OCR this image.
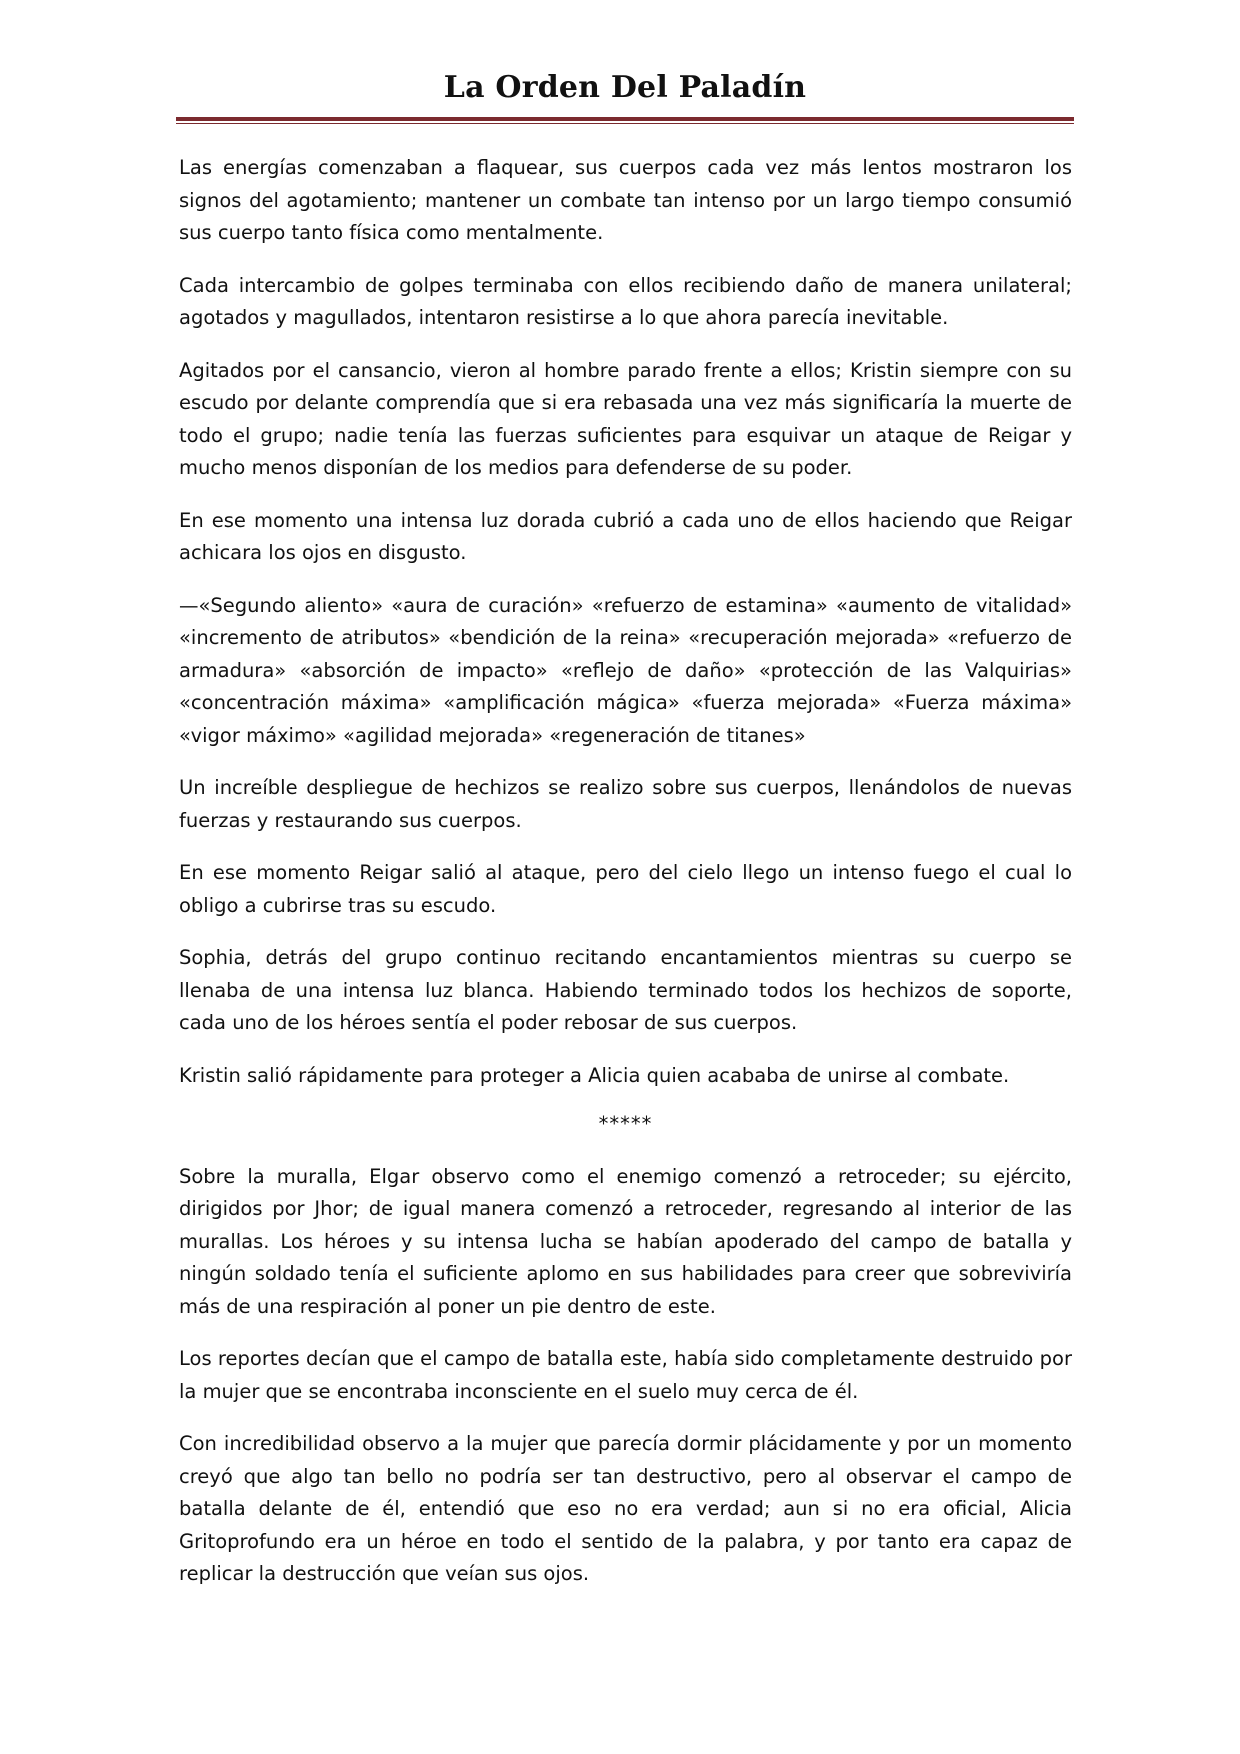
La Orden Del Paladín

Las energías comenzaban a flaquear, sus cuerpos cada vez más lentos mostraron los signos del agotamiento; mantener un combate tan intenso por un largo tiempo consumió sus cuerpo tanto física como mentalmente.

Cada intercambio de golpes terminaba con ellos recibiendo daño de manera unilateral; agotados y magullados, intentaron resistirse a lo que ahora parecía inevitable.

Agitados por el cansancio, vieron al hombre parado frente a ellos; Kristin siempre con su escudo por delante comprendía que si era rebasada una vez más significaría la muerte de todo el grupo; nadie tenía las fuerzas suficientes para esquivar un ataque de Reigar y mucho menos disponían de los medios para defenderse de su poder.

En ese momento una intensa luz dorada cubrió a cada uno de ellos haciendo que Reigar achicara los ojos en disgusto.

—«Segundo aliento» «aura de curación» «refuerzo de estamina» «aumento de vitalidad» «incremento de atributos» «bendición de la reina» «recuperación mejorada» «refuerzo de armadura» «absorción de impacto» «reflejo de daño» «protección de las Valquirias» «concentración máxima» «amplificación mágica» «fuerza mejorada» «Fuerza máxima» «vigor máximo» «agilidad mejorada» «regeneración de titanes»

Un increíble despliegue de hechizos se realizo sobre sus cuerpos, llenándolos de nuevas fuerzas y restaurando sus cuerpos.

En ese momento Reigar salió al ataque, pero del cielo llego un intenso fuego el cual lo obligo a cubrirse tras su escudo.

Sophia, detrás del grupo continuo recitando encantamientos mientras su cuerpo se llenaba de una intensa luz blanca. Habiendo terminado todos los hechizos de soporte, cada uno de los héroes sentía el poder rebosar de sus cuerpos.

Kristin salió rápidamente para proteger a Alicia quien acababa de unirse al combate.

*****

Sobre la muralla, Elgar observo como el enemigo comenzó a retroceder; su ejército, dirigidos por Jhor; de igual manera comenzó a retroceder, regresando al interior de las murallas. Los héroes y su intensa lucha se habían apoderado del campo de batalla y ningún soldado tenía el suficiente aplomo en sus habilidades para creer que sobreviviría más de una respiración al poner un pie dentro de este.

Los reportes decían que el campo de batalla este, había sido completamente destruido por la mujer que se encontraba inconsciente en el suelo muy cerca de él.

Con incredibilidad observo a la mujer que parecía dormir plácidamente y por un momento creyó que algo tan bello no podría ser tan destructivo, pero al observar el campo de batalla delante de él, entendió que eso no era verdad; aun si no era oficial, Alicia Gritoprofundo era un héroe en todo el sentido de la palabra, y por tanto era capaz de replicar la destrucción que veían sus ojos.
